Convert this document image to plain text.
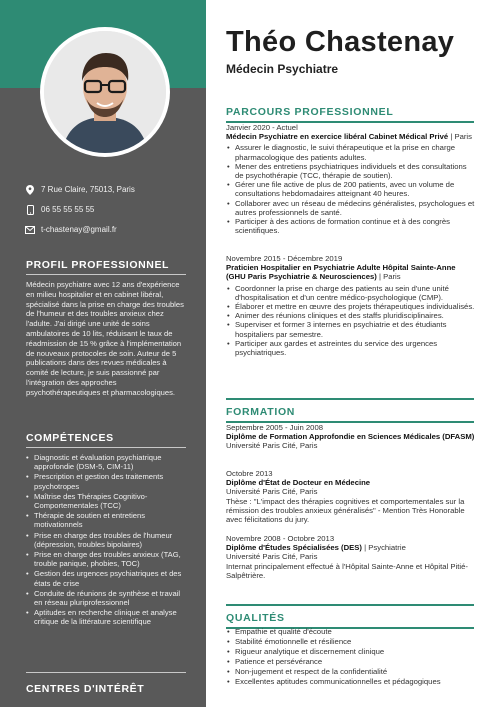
7 Rue Claire, 75013, Paris
06 55 55 55 55
t-chastenay@gmail.fr
PROFIL PROFESSIONNEL

Médecin psychiatre avec 12 ans d'expérience en milieu hospitalier et en cabinet libéral, spécialisé dans la prise en charge des troubles de l'humeur et des troubles anxieux chez l'adulte. J'ai dirigé une unité de soins ambulatoires de 10 lits, réduisant le taux de réadmission de 15 % grâce à l'implémentation de nouveaux protocoles de soin. Auteur de 5 publications dans des revues médicales à comité de lecture, je suis passionné par l'intégration des approches psychothérapeutiques et pharmacologiques.

COMPÉTENCES
• Diagnostic et évaluation psychiatrique approfondie (DSM-5, CIM-11)
• Prescription et gestion des traitements psychotropes
• Maîtrise des Thérapies Cognitivo-Comportementales (TCC)
• Thérapie de soutien et entretiens motivationnels
• Prise en charge des troubles de l'humeur (dépression, troubles bipolaires)
• Prise en charge des troubles anxieux (TAG, trouble panique, phobies, TOC)
• Gestion des urgences psychiatriques et des états de crise
• Conduite de réunions de synthèse et travail en réseau pluriprofessionnel
• Aptitudes en recherche clinique et analyse critique de la littérature scientifique
CENTRES D'INTÉRÊT
Théo Chastenay
Médecin Psychiatre
PARCOURS PROFESSIONNEL
Janvier 2020 - Actuel
Médecin Psychiatre en exercice libéral Cabinet Médical Privé | Paris
• Assurer le diagnostic, le suivi thérapeutique et la prise en charge pharmacologique des patients adultes.
• Mener des entretiens psychiatriques individuels et des consultations de psychothérapie (TCC, thérapie de soutien).
• Gérer une file active de plus de 200 patients, avec un volume de consultations hebdomadaires atteignant 40 heures.
• Collaborer avec un réseau de médecins généralistes, psychologues et autres professionnels de santé.
• Participer à des actions de formation continue et à des congrès scientifiques.
Novembre 2015 - Décembre 2019
Praticien Hospitalier en Psychiatrie Adulte Hôpital Sainte-Anne (GHU Paris Psychiatrie & Neurosciences) | Paris
• Coordonner la prise en charge des patients au sein d'une unité d'hospitalisation et d'un centre médico-psychologique (CMP).
• Élaborer et mettre en œuvre des projets thérapeutiques individualisés.
• Animer des réunions cliniques et des staffs pluridisciplinaires.
• Superviser et former 3 internes en psychiatrie et des étudiants hospitaliers par semestre.
• Participer aux gardes et astreintes du service des urgences psychiatriques.
FORMATION
Septembre 2005 - Juin 2008
Diplôme de Formation Approfondie en Sciences Médicales (DFASM)
Université Paris Cité, Paris
Octobre 2013
Diplôme d'État de Docteur en Médecine
Université Paris Cité, Paris
Thèse : "L'impact des thérapies cognitives et comportementales sur la rémission des troubles anxieux généralisés" - Mention Très Honorable avec félicitations du jury.
Novembre 2008 - Octobre 2013
Diplôme d'Études Spécialisées (DES) | Psychiatrie
Université Paris Cité, Paris
Internat principalement effectué à l'Hôpital Sainte-Anne et Hôpital Pitié-Salpêtrière.
QUALITÉS
• Empathie et qualité d'écoute
• Stabilité émotionnelle et résilience
• Rigueur analytique et discernement clinique
• Patience et persévérance
• Non-jugement et respect de la confidentialité
• Excellentes aptitudes communicationnelles et pédagogiques
